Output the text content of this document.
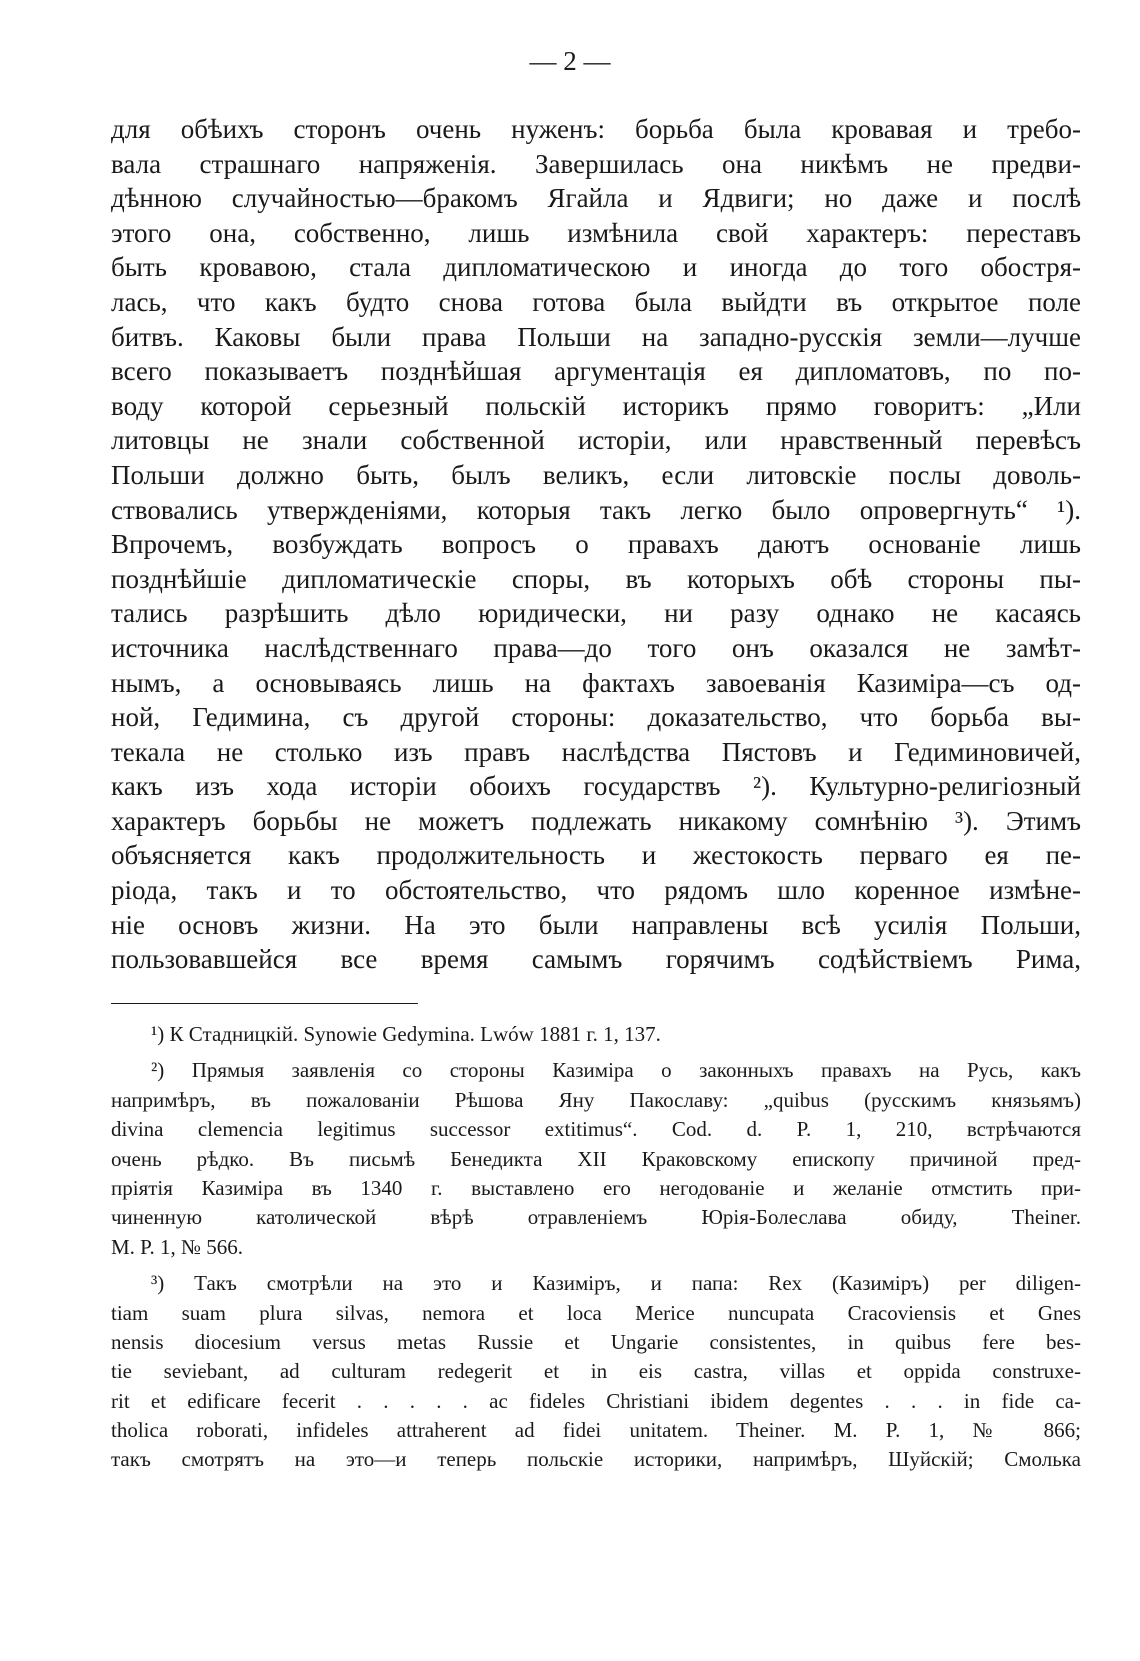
— 2 —
для обѣихъ сторонъ очень нуженъ: борьба была кровавая и требо-
вала страшнаго напряженія. Завершилась она никѣмъ не предви-
дѣнною случайностью—бракомъ Ягайла и Ядвиги; но даже и послѣ
этого она, собственно, лишь измѣнила свой характеръ: переставъ
быть кровавою, стала дипломатическою и иногда до того обостря-
лась, что какъ будто снова готова была выйдти въ открытое поле
битвъ. Каковы были права Польши на западно-русскія земли—лучше
всего показываетъ позднѣйшая аргументація ея дипломатовъ, по по-
воду которой серьезный польскій историкъ прямо говоритъ: „Или
литовцы не знали собственной исторіи, или нравственный перевѣсъ
Польши должно быть, былъ великъ, если литовскіе послы доволь-
ствовались утвержденіями, которыя такъ легко было опровергнуть“ ¹).
Впрочемъ, возбуждать вопросъ о правахъ даютъ основаніе лишь
позднѣйшіе дипломатическіе споры, въ которыхъ обѣ стороны пы-
тались разрѣшить дѣло юридически, ни разу однако не касаясь
источника наслѣдственнаго права—до того онъ оказался не замѣт-
нымъ, а основываясь лишь на фактахъ завоеванія Казиміра—съ од-
ной, Гедимина, съ другой стороны: доказательство, что борьба вы-
текала не столько изъ правъ наслѣдства Пястовъ и Гедиминовичей,
какъ изъ хода исторіи обоихъ государствъ ²). Культурно-религіозный
характеръ борьбы не можетъ подлежать никакому сомнѣнію ³). Этимъ
объясняется какъ продолжительность и жестокость перваго ея пе-
ріода, такъ и то обстоятельство, что рядомъ шло коренное измѣне-
ніе основъ жизни. На это были направлены всѣ усилія Польши,
пользовавшейся все время самымъ горячимъ содѣйствіемъ Рима,
¹) К Стадницкій. Synowie Gedymina. Lwów 1881 г. 1, 137.
²) Прямыя заявленія со стороны Казиміра о законныхъ правахъ на Русь, какъ
напримѣръ, въ пожалованіи Рѣшова Яну Пакославу: „quibus (русскимъ князьямъ)
divina clemencia legitimus successor extitimus“. Cod. d. P. 1, 210, встрѣчаются
очень рѣдко. Въ письмѣ Бенедикта XII Краковскому епископу причиной пред-
пріятія Казиміра въ 1340 г. выставлено его негодованіе и желаніе отмстить при-
чиненную католической вѣрѣ отравленіемъ Юрія-Болеслава обиду, Theiner.
M. P. 1, № 566.
³) Такъ смотрѣли на это и Казиміръ, и папа: Rex (Казиміръ) per diligen-
tiam suam plura silvas, nemora et loca Merice nuncupata Cracoviensis et Gnes
nensis diocesium versus metas Russie et Ungarie consistentes, in quibus fere bes-
tie seviebant, ad culturam redegerit et in eis castra, villas et oppida construxe-
rit et edificare fecerit . . . . . ac fideles Christiani ibidem degentes . . . in fide ca-
tholica roborati, infideles attraherent ad fidei unitatem. Theiner. M. P. 1, № 866;
такъ смотрятъ на это—и теперь польскіе историки, напримѣръ, Шуйскій; Смолька
